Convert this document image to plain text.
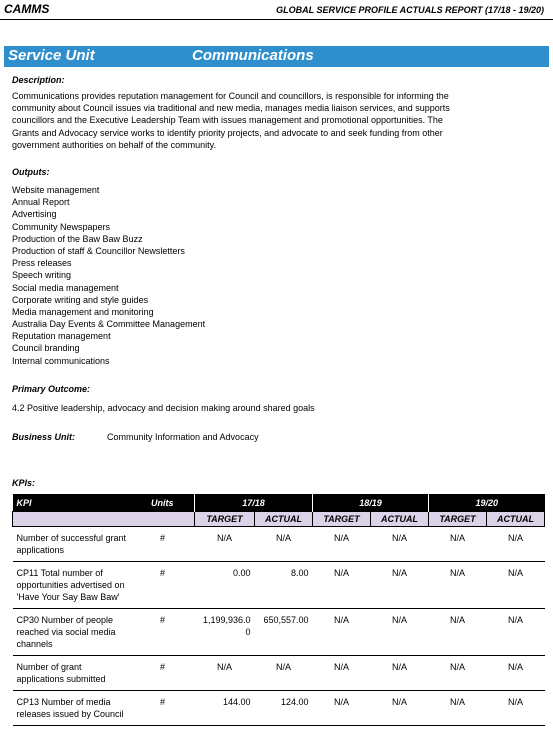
CAMMS	GLOBAL SERVICE PROFILE ACTUALS REPORT (17/18 - 19/20)
Service Unit	Communications
Description:
Communications provides reputation management for Council and councillors, is responsible for informing the
community about Council issues via traditional and new media, manages media liaison services, and supports
councillors and the Executive Leadership Team with issues management and promotional opportunities. The
Grants and Advocacy service works to identify priority projects, and advocate to and seek funding from other
government authorities on behalf of the community.
Outputs:
Website management
Annual Report
Advertising
Community Newspapers
Production of the Baw Baw Buzz
Production of staff & Councillor Newsletters
Press releases
Speech writing
Social media management
Corporate writing and style guides
Media management and monitoring
Australia Day Events & Committee Management
Reputation management
Council branding
Internal communications
Primary Outcome:
4.2 Positive leadership, advocacy and decision making around shared goals
Business Unit:	Community Information and Advocacy
KPIs:
KPI	Units	17/18		18/19		19/20	
		TARGET	ACTUAL	TARGET	ACTUAL	TARGET	ACTUAL
Number of successful grant applications	#	N/A	N/A	N/A	N/A	N/A	N/A
CP11 Total number of opportunities advertised on 'Have Your Say Baw Baw'	#	0.00	8.00	N/A	N/A	N/A	N/A
CP30 Number of people reached via social media channels	#	1,199,936.00	650,557.00	N/A	N/A	N/A	N/A
Number of grant applications submitted	#	N/A	N/A	N/A	N/A	N/A	N/A
CP13 Number of media releases issued by Council	#	144.00	124.00	N/A	N/A	N/A	N/A
